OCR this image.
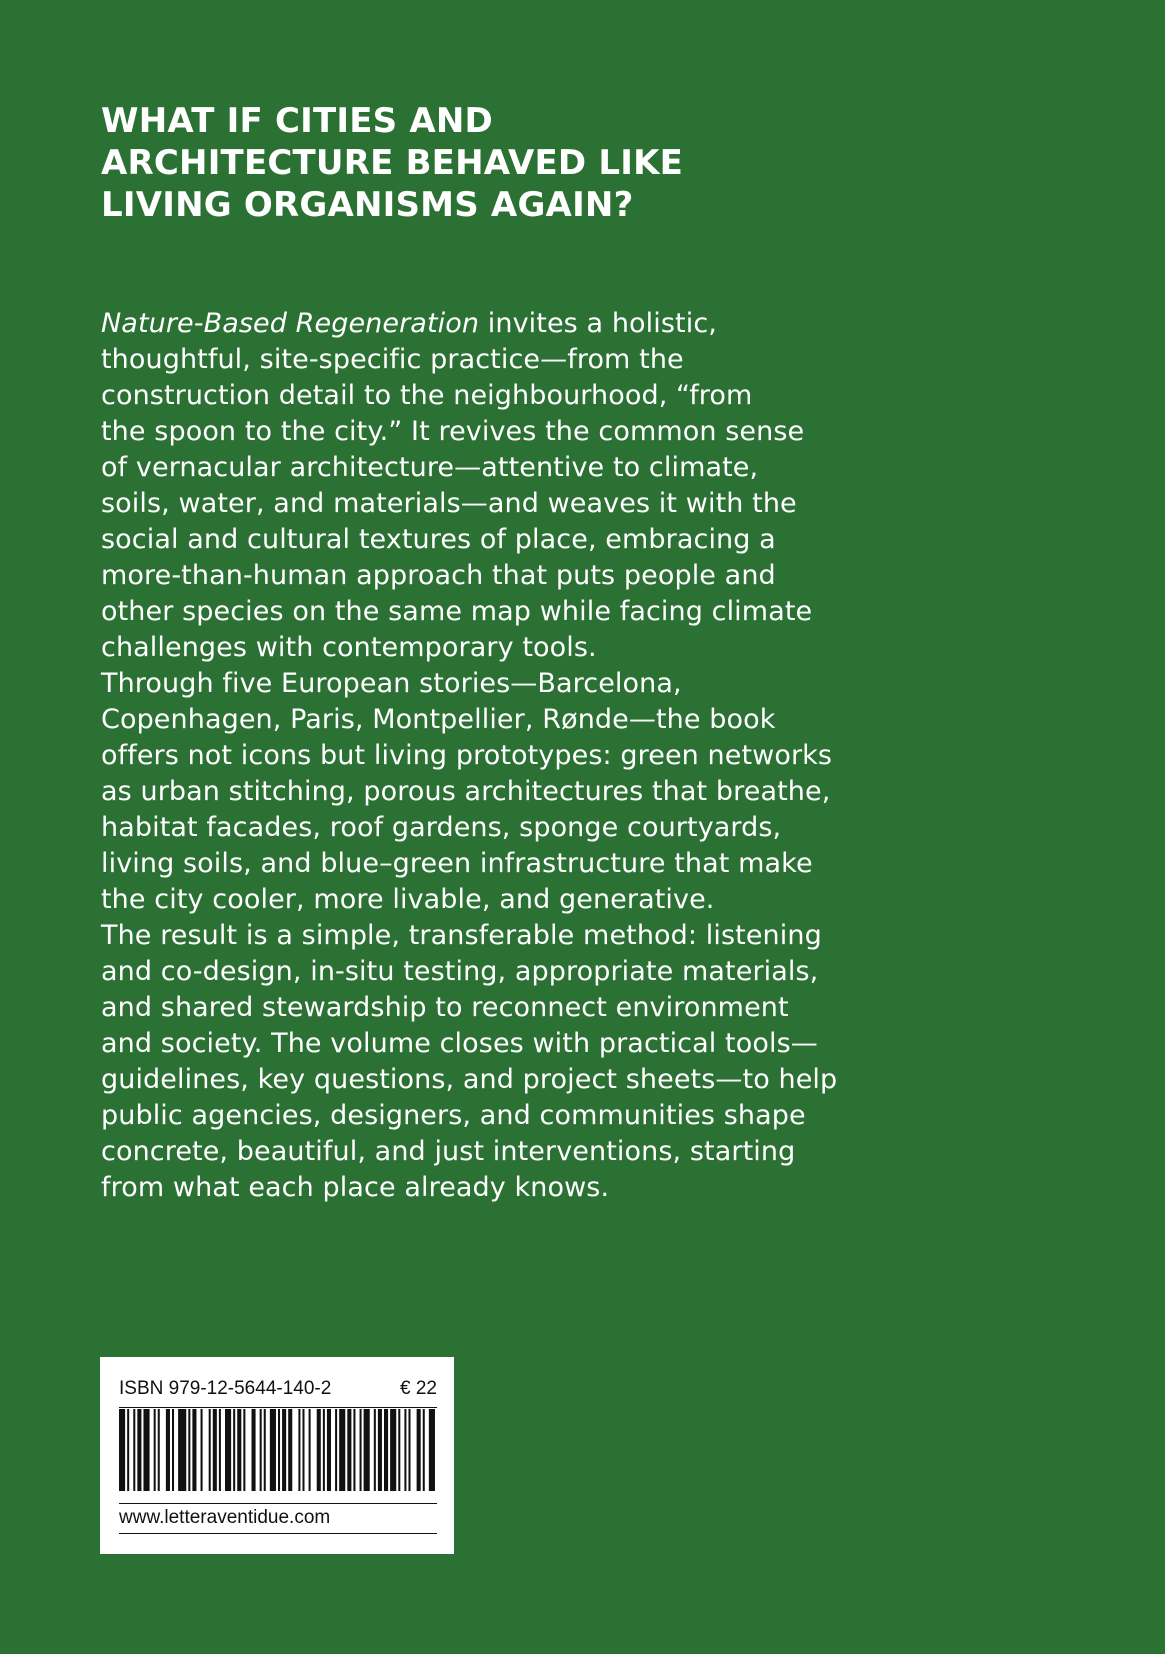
WHAT IF CITIES AND
ARCHITECTURE BEHAVED LIKE
LIVING ORGANISMS AGAIN?
Nature-Based Regeneration invites a holistic,
thoughtful, site-specific practice—from the
construction detail to the neighbourhood, “from
the spoon to the city.” It revives the common sense
of vernacular architecture—attentive to climate,
soils, water, and materials—and weaves it with the
social and cultural textures of place, embracing a
more-than-human approach that puts people and
other species on the same map while facing climate
challenges with contemporary tools.
Through five European stories—Barcelona,
Copenhagen, Paris, Montpellier, Rønde—the book
offers not icons but living prototypes: green networks
as urban stitching, porous architectures that breathe,
habitat facades, roof gardens, sponge courtyards,
living soils, and blue–green infrastructure that make
the city cooler, more livable, and generative.
The result is a simple, transferable method: listening
and co-design, in-situ testing, appropriate materials,
and shared stewardship to reconnect environment
and society. The volume closes with practical tools—
guidelines, key questions, and project sheets—to help
public agencies, designers, and communities shape
concrete, beautiful, and just interventions, starting
from what each place already knows.
ISBN 979-12-5644-140-2	€ 22
www.letteraventidue.com
